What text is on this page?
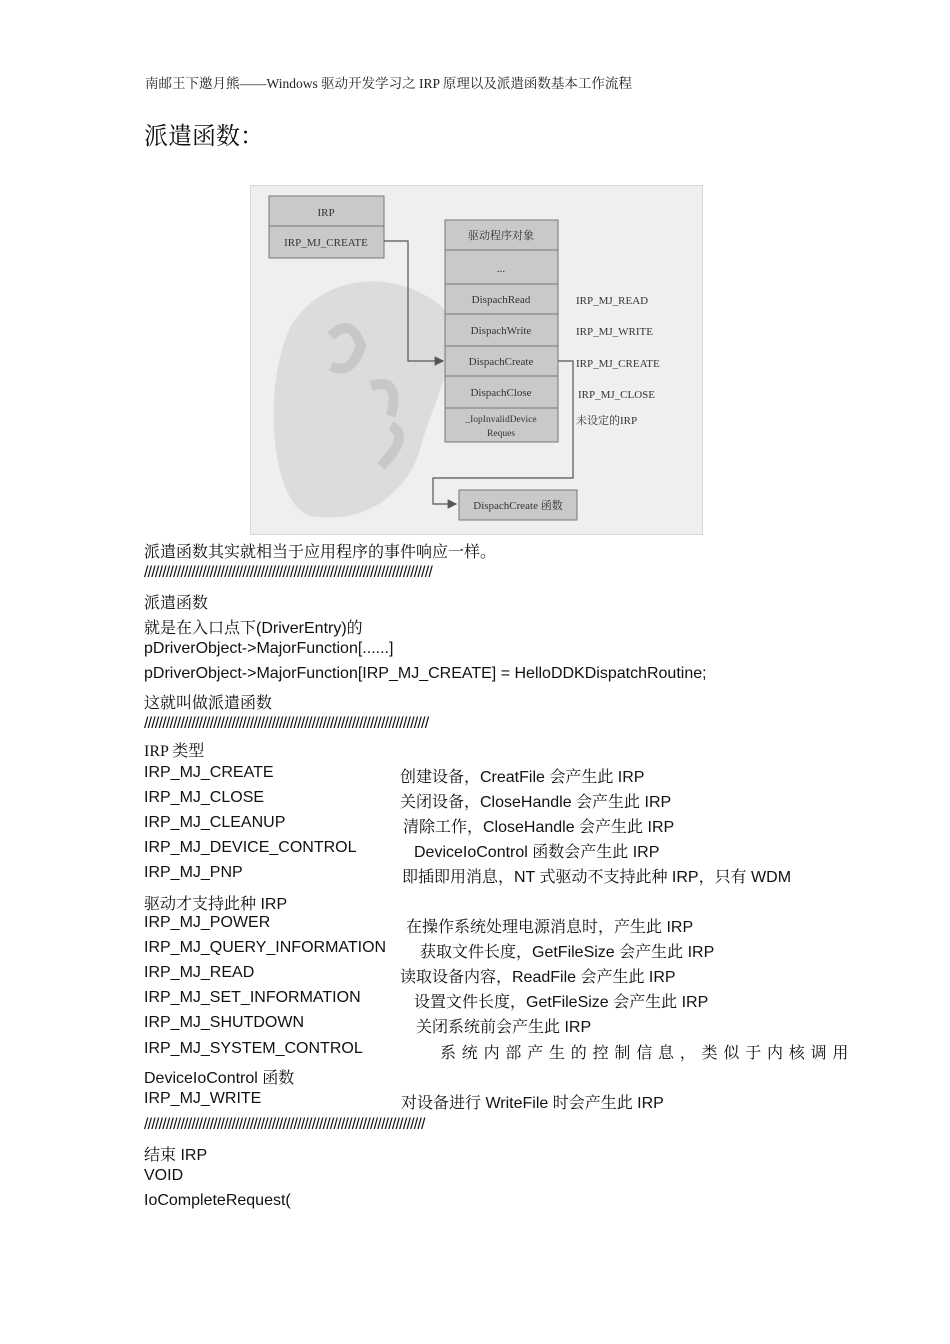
南邮王下邀月熊——Windows 驱动开发学习之 IRP 原理以及派遣函数基本工作流程
派遣函数：
IRP
IRP_MJ_CREATE
驱动程序对象
...
DispachRead
DispachWrite
DispachCreate
DispachClose
_IopInvalidDevice
Reques
IRP_MJ_READ
IRP_MJ_WRITE
IRP_MJ_CREATE
IRP_MJ_CLOSE
未设定的IRP
DispachCreate 函数
派遣函数其实就相当于应用程序的事件响应一样。
///////////////////////////////////////////////////////////////////////////////
派遣函数
就是在入口点下(DriverEntry)的
pDriverObject->MajorFunction[......]
pDriverObject->MajorFunction[IRP_MJ_CREATE] = HelloDDKDispatchRoutine;
这就叫做派遣函数
//////////////////////////////////////////////////////////////////////////////
IRP 类型
IRP_MJ_CREATE	创建设备，CreatFile 会产生此 IRP
IRP_MJ_CLOSE	关闭设备，CloseHandle 会产生此 IRP
IRP_MJ_CLEANUP	清除工作，CloseHandle 会产生此 IRP
IRP_MJ_DEVICE_CONTROL	DeviceIoControl 函数会产生此 IRP
IRP_MJ_PNP	即插即用消息，NT 式驱动不支持此种 IRP，只有 WDM
驱动才支持此种 IRP
IRP_MJ_POWER	在操作系统处理电源消息时，产生此 IRP
IRP_MJ_QUERY_INFORMATION 获取文件长度，GetFileSize 会产生此 IRP
IRP_MJ_READ	读取设备内容，ReadFile 会产生此 IRP
IRP_MJ_SET_INFORMATION	设置文件长度，GetFileSize 会产生此 IRP
IRP_MJ_SHUTDOWN	关闭系统前会产生此 IRP
IRP_MJ_SYSTEM_CONTROL	系统内部产生的控制信息，类似于内核调用
DeviceIoControl 函数
IRP_MJ_WRITE	对设备进行 WriteFile 时会产生此 IRP
/////////////////////////////////////////////////////////////////////////////
结束 IRP
VOID
IoCompleteRequest(
